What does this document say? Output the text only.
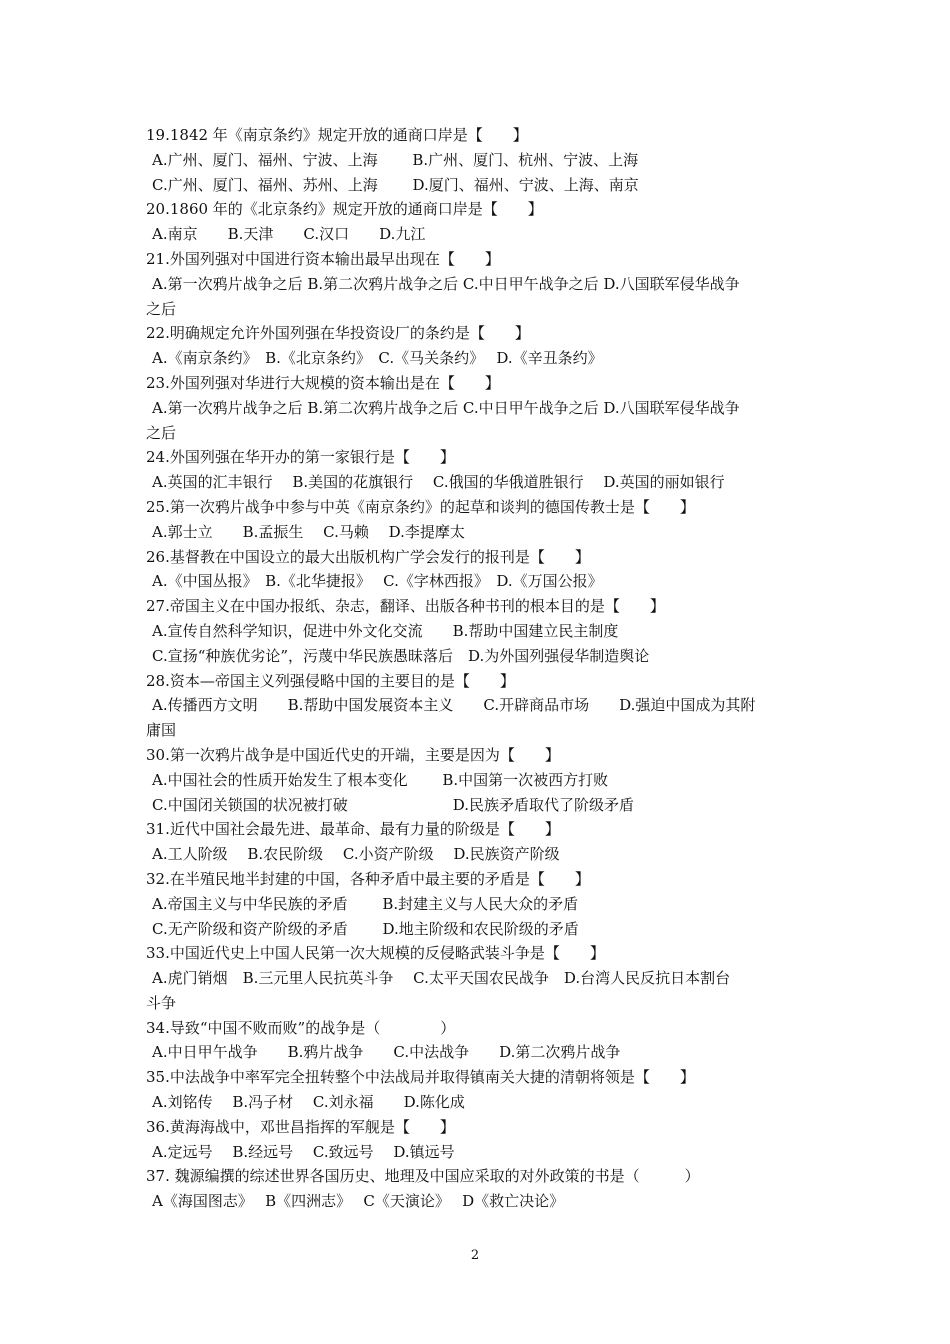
19.1842 年《南京条约》规定开放的通商口岸是【　　】
A.广州、厦门、福州、宁波、上海　　 B.广州、厦门、杭州、宁波、上海
C.广州、厦门、福州、苏州、上海　　 D.厦门、福州、宁波、上海、南京
20.1860 年的《北京条约》规定开放的通商口岸是【　　】
A.南京　　B.天津　　C.汉口　　D.九江
21.外国列强对中国进行资本输出最早出现在【　　】
A.第一次鸦片战争之后 B.第二次鸦片战争之后 C.中日甲午战争之后 D.八国联军侵华战争
之后
22.明确规定允许外国列强在华投资设厂的条约是【　　】
A.《南京条约》　B.《北京条约》　C.《马关条约》　 D.《辛丑条约》
23.外国列强对华进行大规模的资本输出是在【　　】
A.第一次鸦片战争之后 B.第二次鸦片战争之后 C.中日甲午战争之后 D.八国联军侵华战争
之后
24.外国列强在华开办的第一家银行是【　　】
A.英国的汇丰银行　 B.美国的花旗银行　 C.俄国的华俄道胜银行　 D.英国的丽如银行
25.第一次鸦片战争中参与中英《南京条约》的起草和谈判的德国传教士是【　　】
A.郭士立　　B.孟振生　 C.马赖　 D.李提摩太
26.基督教在中国设立的最大出版机构广学会发行的报刊是【　　】
A.《中国丛报》　B.《北华捷报》　 C.《字林西报》　D.《万国公报》
27.帝国主义在中国办报纸、杂志，翻译、出版各种书刊的根本目的是【　　】
A.宣传自然科学知识，促进中外文化交流　　B.帮助中国建立民主制度
C.宣扬“种族优劣论”，污蔑中华民族愚昧落后　D.为外国列强侵华制造舆论
28.资本—帝国主义列强侵略中国的主要目的是【　　】
A.传播西方文明　　B.帮助中国发展资本主义　　C.开辟商品市场　　D.强迫中国成为其附
庸国
30.第一次鸦片战争是中国近代史的开端，主要是因为【　　】
A.中国社会的性质开始发生了根本变化　　 B.中国第一次被西方打败
C.中国闭关锁国的状况被打破　　　　　　　D.民族矛盾取代了阶级矛盾
31.近代中国社会最先进、最革命、最有力量的阶级是【　　】
A.工人阶级　 B.农民阶级　 C.小资产阶级　 D.民族资产阶级
32.在半殖民地半封建的中国，各种矛盾中最主要的矛盾是【　　】
A.帝国主义与中华民族的矛盾　　 B.封建主义与人民大众的矛盾
C.无产阶级和资产阶级的矛盾　　 D.地主阶级和农民阶级的矛盾
33.中国近代史上中国人民第一次大规模的反侵略武装斗争是【　　】
A.虎门销烟　B.三元里人民抗英斗争　 C.太平天国农民战争　D.台湾人民反抗日本割台
斗争
34.导致“中国不败而败”的战争是（　　　　）
A.中日甲午战争　　B.鸦片战争　　C.中法战争　　D.第二次鸦片战争
35.中法战争中率军完全扭转整个中法战局并取得镇南关大捷的清朝将领是【　　】
A.刘铭传　 B.冯子材　 C.刘永福　　D.陈化成
36.黄海海战中，邓世昌指挥的军舰是【　　】
A.定远号　 B.经远号　 C.致远号　 D.镇远号
37. 魏源编撰的综述世界各国历史、地理及中国应采取的对外政策的书是（　　　）
A《海国图志》　 B《四洲志》　 C《天演论》　 D《救亡决论》
2
